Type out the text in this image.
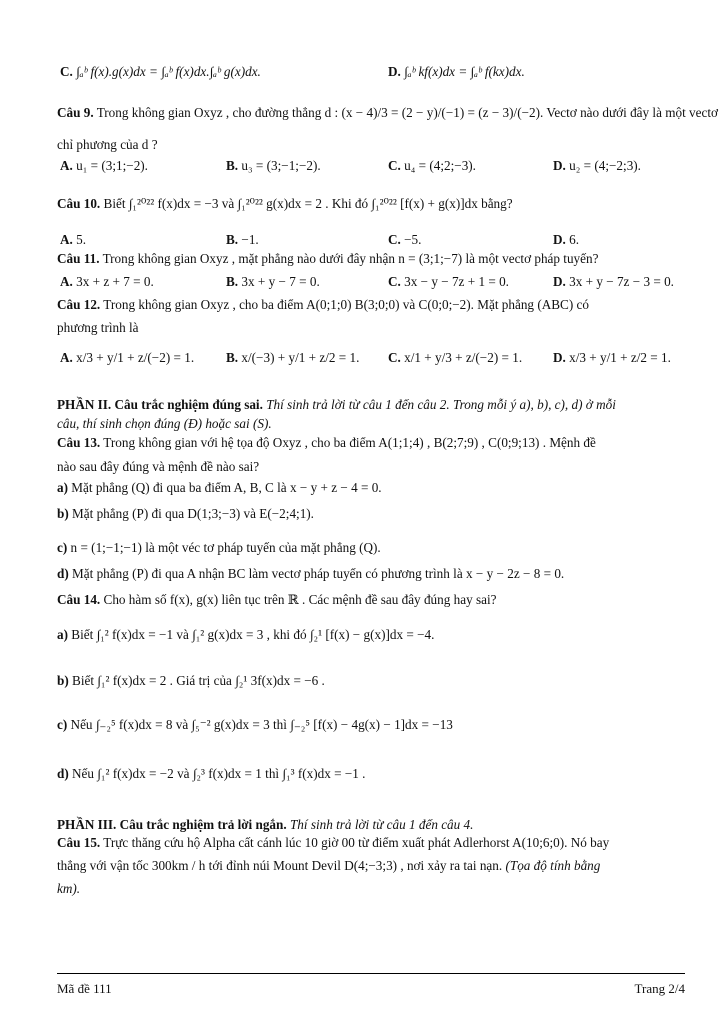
C. ∫ₐᵇ f(x).g(x)dx = ∫ₐᵇ f(x)dx.∫ₐᵇ g(x)dx.	D. ∫ₐᵇ kf(x)dx = ∫ₐᵇ f(kx)dx.
Câu 9. Trong không gian Oxyz , cho đường thẳng d : (x − 4)/3 = (2 − y)/(−1) = (z − 3)/(−2). Vectơ nào dưới đây là một vectơ
chỉ phương của d ?
A. u₁ = (3;1;−2).	B. u₃ = (3;−1;−2).	C. u₄ = (4;2;−3).	D. u₂ = (4;−2;3).
Câu 10. Biết ∫₁²⁰²² f(x)dx = −3 và ∫₁²⁰²² g(x)dx = 2 . Khi đó ∫₁²⁰²² [f(x) + g(x)]dx bằng?
A. 5.	B. −1.	C. −5.	D. 6.
Câu 11. Trong không gian Oxyz , mặt phẳng nào dưới đây nhận n = (3;1;−7) là một vectơ pháp tuyến?
A. 3x + z + 7 = 0.	B. 3x + y − 7 = 0.	C. 3x − y − 7z + 1 = 0.	D. 3x + y − 7z − 3 = 0.
Câu 12. Trong không gian Oxyz , cho ba điểm A(0;1;0) B(3;0;0) và C(0;0;−2). Mặt phẳng (ABC) có
phương trình là
A. x/3 + y/1 + z/(−2) = 1. B. x/(−3) + y/1 + z/2 = 1. C. x/1 + y/3 + z/(−2) = 1. D. x/3 + y/1 + z/2 = 1.
PHẦN II. Câu trắc nghiệm đúng sai. Thí sinh trả lời từ câu 1 đến câu 2. Trong mỗi ý a), b), c), d) ở mỗi
câu, thí sinh chọn đúng (Đ) hoặc sai (S).
Câu 13. Trong không gian với hệ tọa độ Oxyz , cho ba điểm A(1;1;4) , B(2;7;9) , C(0;9;13) . Mệnh đề
nào sau đây đúng và mệnh đề nào sai?
a) Mặt phẳng (Q) đi qua ba điểm A, B, C là x − y + z − 4 = 0.
b) Mặt phẳng (P) đi qua D(1;3;−3) và E(−2;4;1).
c) n = (1;−1;−1) là một véc tơ pháp tuyến của mặt phẳng (Q).
d) Mặt phẳng (P) đi qua A nhận BC làm vectơ pháp tuyến có phương trình là x − y − 2z − 8 = 0.
Câu 14. Cho hàm số f(x), g(x) liên tục trên ℝ . Các mệnh đề sau đây đúng hay sai?
a) Biết ∫₁² f(x)dx = −1 và ∫₁² g(x)dx = 3 , khi đó ∫₂¹ [f(x) − g(x)]dx = −4.
b) Biết ∫₁² f(x)dx = 2 . Giá trị của ∫₂¹ 3f(x)dx = −6 .
c) Nếu ∫₋₂⁵ f(x)dx = 8 và ∫₅⁻² g(x)dx = 3 thì ∫₋₂⁵ [f(x) − 4g(x) − 1]dx = −13
d) Nếu ∫₁² f(x)dx = −2 và ∫₂³ f(x)dx = 1 thì ∫₁³ f(x)dx = −1 .
PHẦN III. Câu trắc nghiệm trả lời ngắn. Thí sinh trả lời từ câu 1 đến câu 4.
Câu 15. Trực thăng cứu hộ Alpha cất cánh lúc 10 giờ 00 từ điểm xuất phát Adlerhorst A(10;6;0). Nó bay
thẳng với vận tốc 300km / h tới đỉnh núi Mount Devil D(4;−3;3) , nơi xảy ra tai nạn. (Tọa độ tính bằng
km).
Mã đề 111	Trang 2/4
